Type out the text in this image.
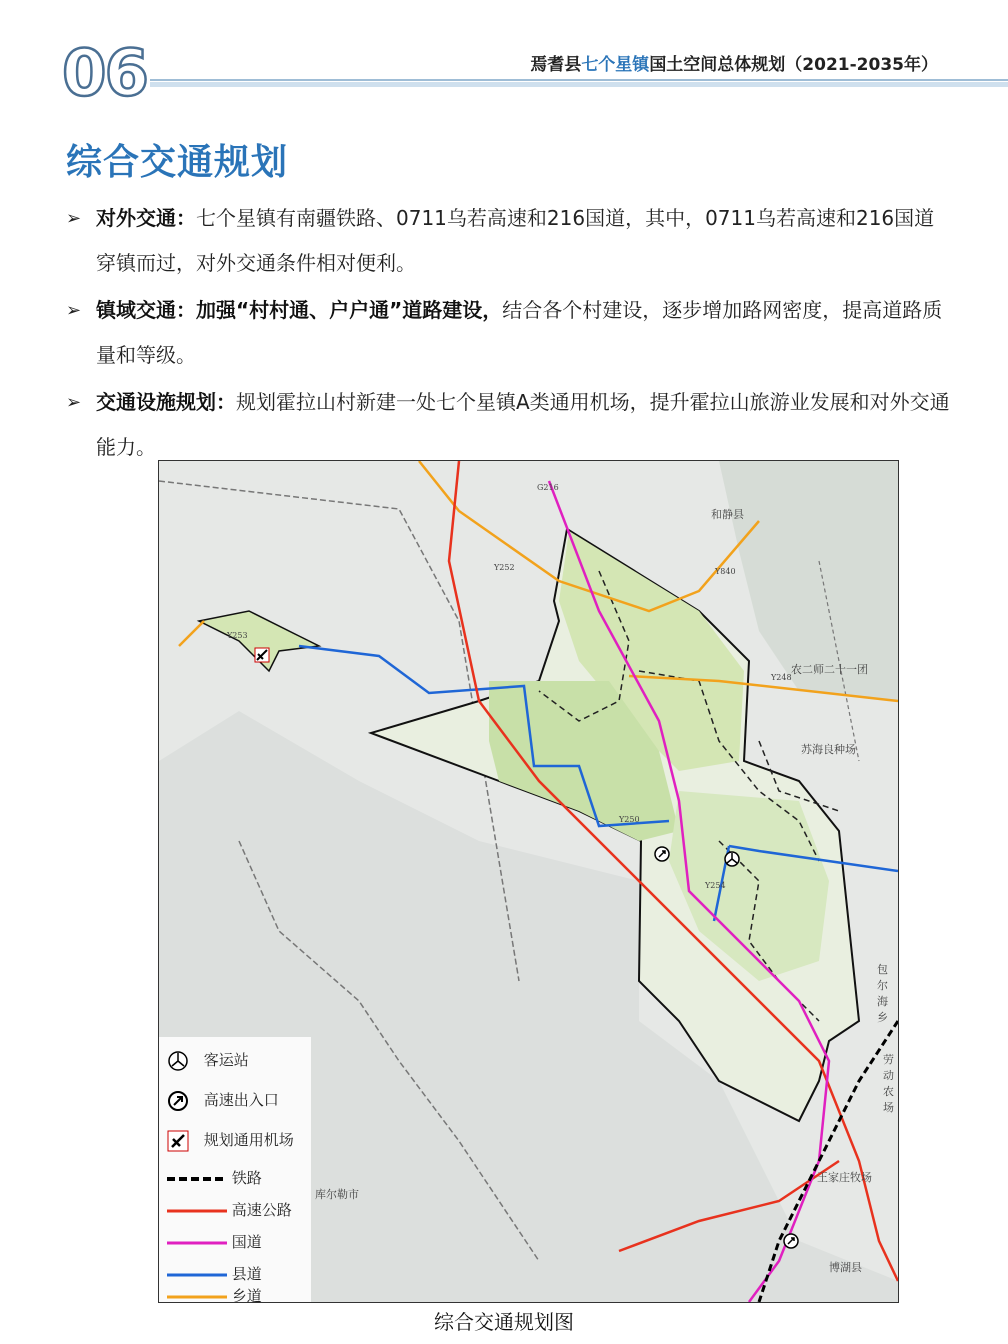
06	焉耆县七个星镇国土空间总体规划（2021-2035年）
综合交通规划
➢ 对外交通：七个星镇有南疆铁路、0711乌若高速和216国道，其中，0711乌若高速和216国道穿镇而过，对外交通条件相对便利。
➢ 镇域交通：加强“村村通、户户通”道路建设，结合各个村建设，逐步增加路网密度，提高道路质量和等级。
➢ 交通设施规划：规划霍拉山村新建一处七个星镇A类通用机场，提升霍拉山旅游业发展和对外交通能力。
和静县
农二师二十一团
苏海良种场
包尔海乡
劳动农场
王家庄牧场
库尔勒市
博湖县
G216
Y252	Y840
Y248
Y250
Y253
Y254
客运站
高速出入口
规划通用机场
铁路
高速公路
国道
县道
乡道
综合交通规划图
